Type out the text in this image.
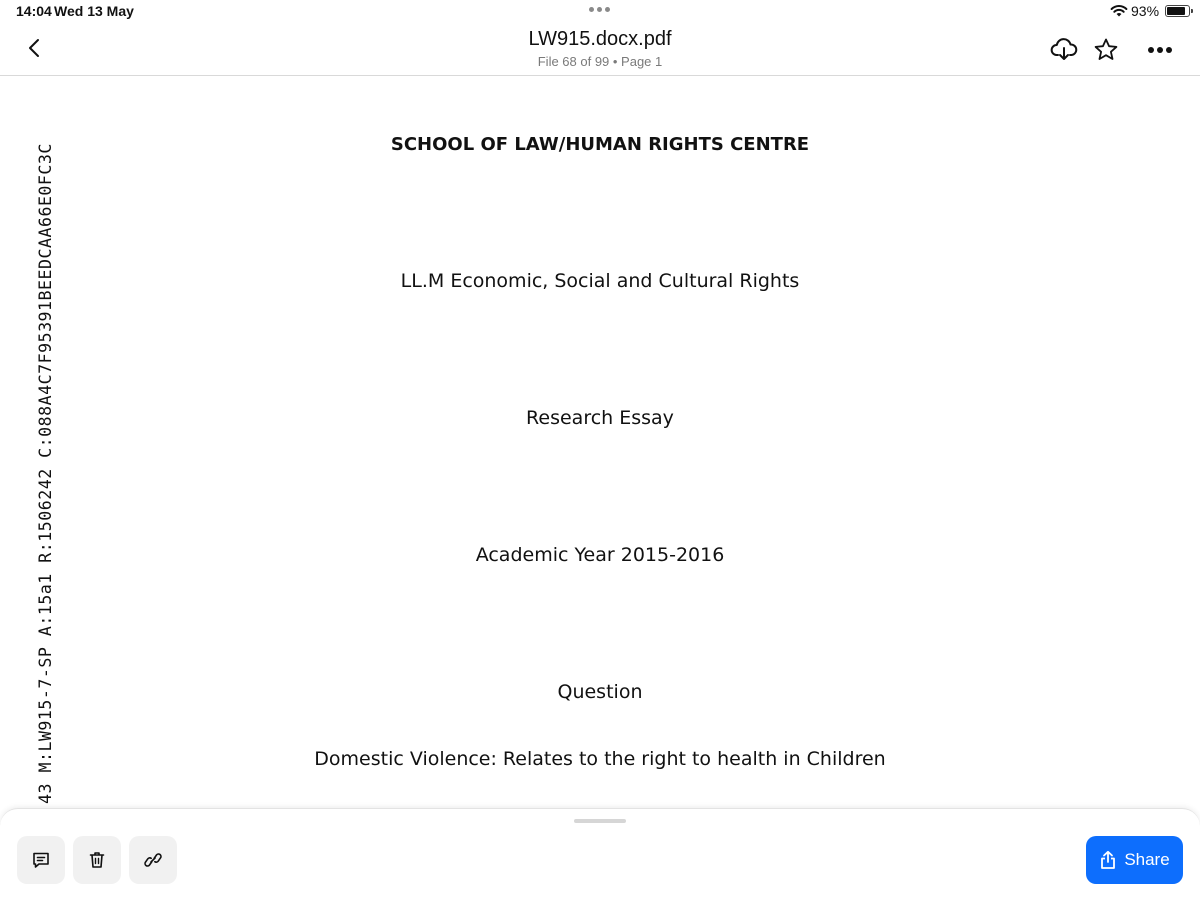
14:04 Wed 13 May	93%
LW915.docx.pdf
File 68 of 99 • Page 1
43 M:LW915-7-SP A:15a1 R:1506242 C:088A4C7F95391BEEDCAA66E0FC3C	SCHOOL OF LAW/HUMAN RIGHTS CENTRE
LL.M Economic, Social and Cultural Rights
Research Essay
Academic Year 2015-2016
Question
Domestic Violence: Relates to the right to health in Children
Share
